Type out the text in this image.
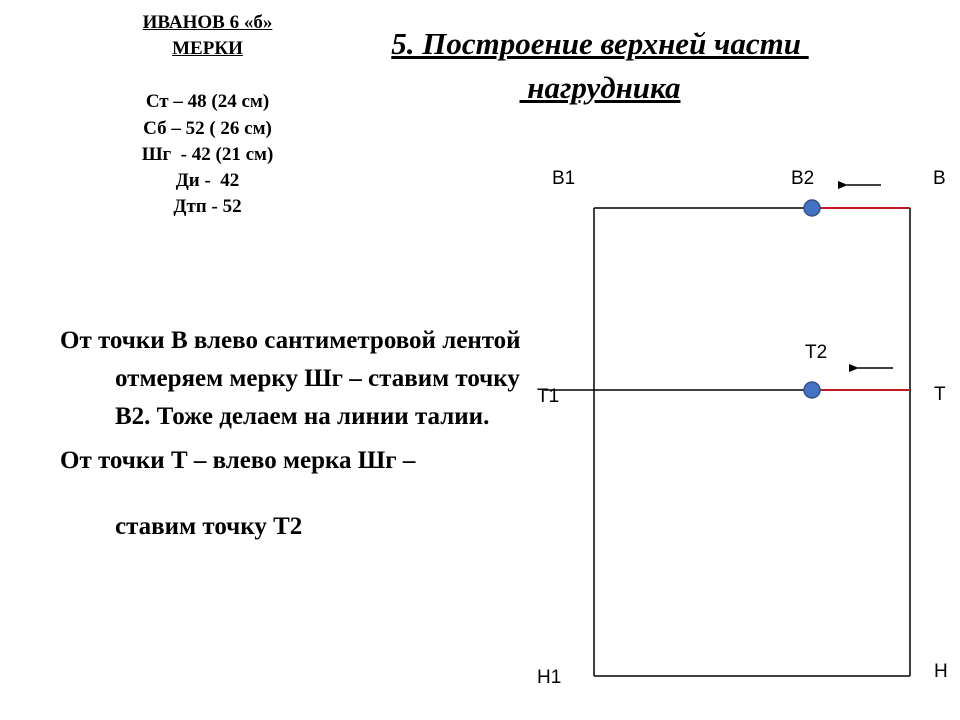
ИВАНОВ 6 «б»
МЕРКИ
Ст – 48 (24 см)
Сб – 52 ( 26 см)
Шг  - 42 (21 см)
Ди -  42
Дтп - 52
5. Построение верхней части
нагрудника

От точки В влево сантиметровой лентой отмеряем мерку Шг – ставим точку В2. Тоже делаем на линии талии.

От точки Т – влево мерка Шг –

ставим точку Т2

В1	В2	В
Т2
Т1	Т
Н1	Н
